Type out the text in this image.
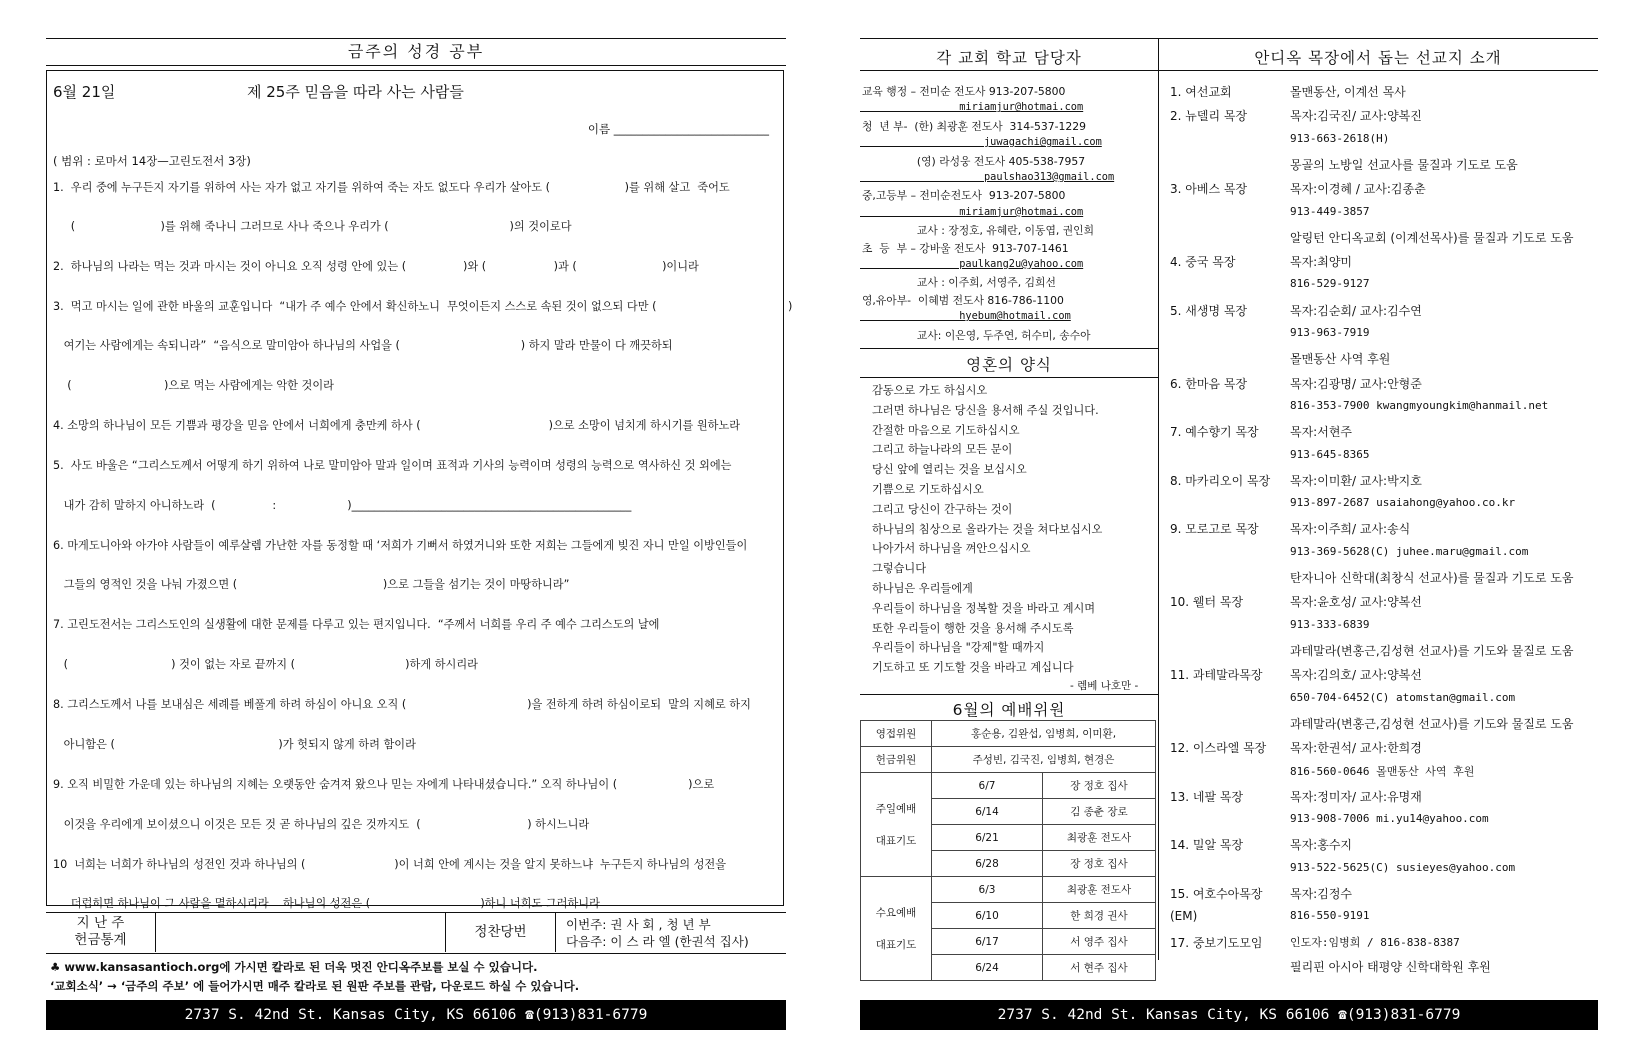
금주의 성경 공부
6월 21일	제 25주 믿음을 따라 사는 사람들
이름 ___________________________
( 범위 : 로마서 14장—고린도전서 3장)
1.  우리 중에 누구든지 자기를 위하여 사는 자가 없고 자기를 위하여 죽는 자도 없도다 우리가 살아도 (                     )를 위해 살고  죽어도
(                        )를 위해 죽나니 그러므로 사나 죽으나 우리가 (                                  )의 것이로다
2.  하나님의 나라는 먹는 것과 마시는 것이 아니요 오직 성령 안에 있는 (                )와 (                   )과 (                        )이니라
3.  먹고 마시는 일에 관한 바울의 교훈입니다  “내가 주 예수 안에서 확신하노니  무엇이든지 스스로 속된 것이 없으되 다만 (                                     )
여기는 사람에게는 속되니라”  “음식으로 말미암아 하나님의 사업을 (                                  ) 하지 말라 만물이 다 깨끗하되
(                          )으로 먹는 사람에게는 악한 것이라
4. 소망의 하나님이 모든 기쁨과 평강을 믿음 안에서 너희에게 충만케 하사 (                                    )으로 소망이 넘치게 하시기를 원하노라
5.  사도 바울은 “그리스도께서 어떻게 하기 위하여 나로 말미암아 말과 일이며 표적과 기사의 능력이며 성령의 능력으로 역사하신 것 외에는
내가 감히 말하지 아니하노라  (                :                    )__________________________________________________
6. 마게도니아와 아가야 사람들이 예루살렘 가난한 자를 동정할 때 ‘저희가 기뻐서 하였거니와 또한 저희는 그들에게 빚진 자니 만일 이방인들이
그들의 영적인 것을 나눠 가졌으면 (                                         )으로 그들을 섬기는 것이 마땅하니라”
7. 고린도전서는 그리스도인의 실생활에 대한 문제를 다루고 있는 편지입니다.  “주께서 너희를 우리 주 예수 그리스도의 날에
(                             ) 것이 없는 자로 끝까지 (                               )하게 하시리라
8. 그리스도께서 나를 보내심은 세례를 베풀게 하려 하심이 아니요 오직 (                                  )을 전하게 하려 하심이로되  말의 지혜로 하지
아니함은 (                                              )가 헛되지 않게 하려 함이라
9. 오직 비밀한 가운데 있는 하나님의 지혜는 오랫동안 숨겨져 왔으나 믿는 자에게 나타내셨습니다.” 오직 하나님이 (                    )으로
이것을 우리에게 보이셨으니 이것은 모든 것 곧 하나님의 깊은 것까지도  (                              ) 하시느니라
10  너희는 너희가 하나님의 성전인 것과 하나님의 (                         )이 너희 안에 계시는 것을 알지 못하느냐  누구든지 하나님의 성전을
더럽히면 하나님이 그 사람을 멸하시리라    하나님의 성전은 (                               )하니 너희도 그러하니라
지 난 주
헌금통계	정찬당번	이번주: 권 사 회 , 청 년 부
다음주: 이 스 라 엘 (한권석 집사)
♣ www.kansasantioch.org에 가시면 칼라로 된 더욱 멋진 안디옥주보를 보실 수 있습니다.
‘교회소식’ → ‘금주의 주보’ 에 들어가시면 매주 칼라로 된 원판 주보를 관람, 다운로드 하실 수 있습니다.
2737 S. 42nd St. Kansas City, KS 66106 ☎(913)831-6779
각 교회 학교 담당자
교육 행정 – 전미순 전도사 913-207-5800
miriamjur@hotmai.com
청  년 부-  (한) 최광훈 전도사  314-537-1229
juwagachi@gmail.com
(영) 라성웅 전도사 405-538-7957
paulshao313@gmail.com
중,고등부 – 전미순전도사  913-207-5800
miriamjur@hotmai.com
교사 : 장정호, 유혜란, 이동엽, 권인희
초  등  부 – 강바울 전도사  913-707-1461
paulkang2u@yahoo.com
교사 : 이주희, 서영주, 김희선
영,유아부-  이혜범 전도사 816-786-1100
hyebum@hotmail.com
교사: 이은영, 두주연, 허수미, 송수아
영혼의 양식
감동으로 가도 하십시오
그러면 하나님은 당신을 용서해 주실 것입니다.
간절한 마음으로 기도하십시오
그리고 하늘나라의 모든 문이
당신 앞에 열리는 것을 보십시오
기쁨으로 기도하십시오
그리고 당신이 간구하는 것이
하나님의 침상으로 올라가는 것을 쳐다보십시오
나아가서 하나님을 껴안으십시오
그렇습니다
하나님은 우리들에게
우리들이 하나님을 정복할 것을 바라고 계시며
또한 우리들이 행한 것을 용서해 주시도록
우리들이 하나님을 "강제"할 때까지
기도하고 또 기도할 것을 바라고 계십니다
- 렘베 나호만 -
6월의 예배위원
영접위원	홍순용, 김완섭, 임병희, 이미환,	
헌금위원	주성빈, 김국진, 임병희, 현경은	

주일예배
대표기도	6/7	장 정호 집사
	6/14	김 종춘 장로
	6/21	최광훈 전도사
	6/28	장 정호 집사

수요예배
대표기도	6/3	최광훈 전도사
	6/10	한 희경 권사
	6/17	서 영주 집사
	6/24	서 현주 집사
안디옥 목장에서 돕는 선교지 소개
1. 여선교회	몰맨동산, 이계선 목사
2. 뉴델리 목장	목자:김국진/ 교사:양복진
913-663-2618(H)
몽골의 노방일 선교사를 물질과 기도로 도움
3. 아베스 목장	목자:이경혜 / 교사:김종춘
913-449-3857
알링턴 안디옥교회 (이계선목사)를 물질과 기도로 도움
4. 중국 목장	목자:최양미
816-529-9127
5. 새생명 목장	목자:김순회/ 교사:김수연
913-963-7919
몰맨동산 사역 후원
6. 한마음 목장	목자:김광명/ 교사:안형준
816-353-7900 kwangmyoungkim@hanmail.net
7. 예수향기 목장	목자:서현주
913-645-8365
8. 마카리오이 목장 목자:이미환/ 교사:박지호
913-897-2687 usaiahong@yahoo.co.kr
9. 모로고로 목장	목자:이주희/ 교사:송식
913-369-5628(C) juhee.maru@gmail.com
탄자니아 신학대(최창식 선교사)를 물질과 기도로 도움
10. 웰터 목장	목자:윤호성/ 교사:양복선
913-333-6839
과테말라(변홍근,김성현 선교사)를 기도와 물질로 도움
11. 과테말라목장 목자:김의호/ 교사:양복선
650-704-6452(C) atomstan@gmail.com
과테말라(변홍근,김성현 선교사)를 기도와 물질로 도움
12. 이스라엘 목장 목자:한권석/ 교사:한희경
816-560-0646 몰맨동산 사역 후원
13. 네팔 목장	목자:정미자/ 교사:유명재
913-908-7006 mi.yu14@yahoo.com
14. 밀알 목장	목자:홍수지
913-522-5625(C) susieyes@yahoo.com
15. 여호수아목장 목자:김정수
(EM)	816-550-9191
17. 중보기도모임	인도자:임병희 / 816-838-8387
필리핀 아시아 태평양 신학대학원 후원
2737 S. 42nd St. Kansas City, KS 66106 ☎(913)831-6779
